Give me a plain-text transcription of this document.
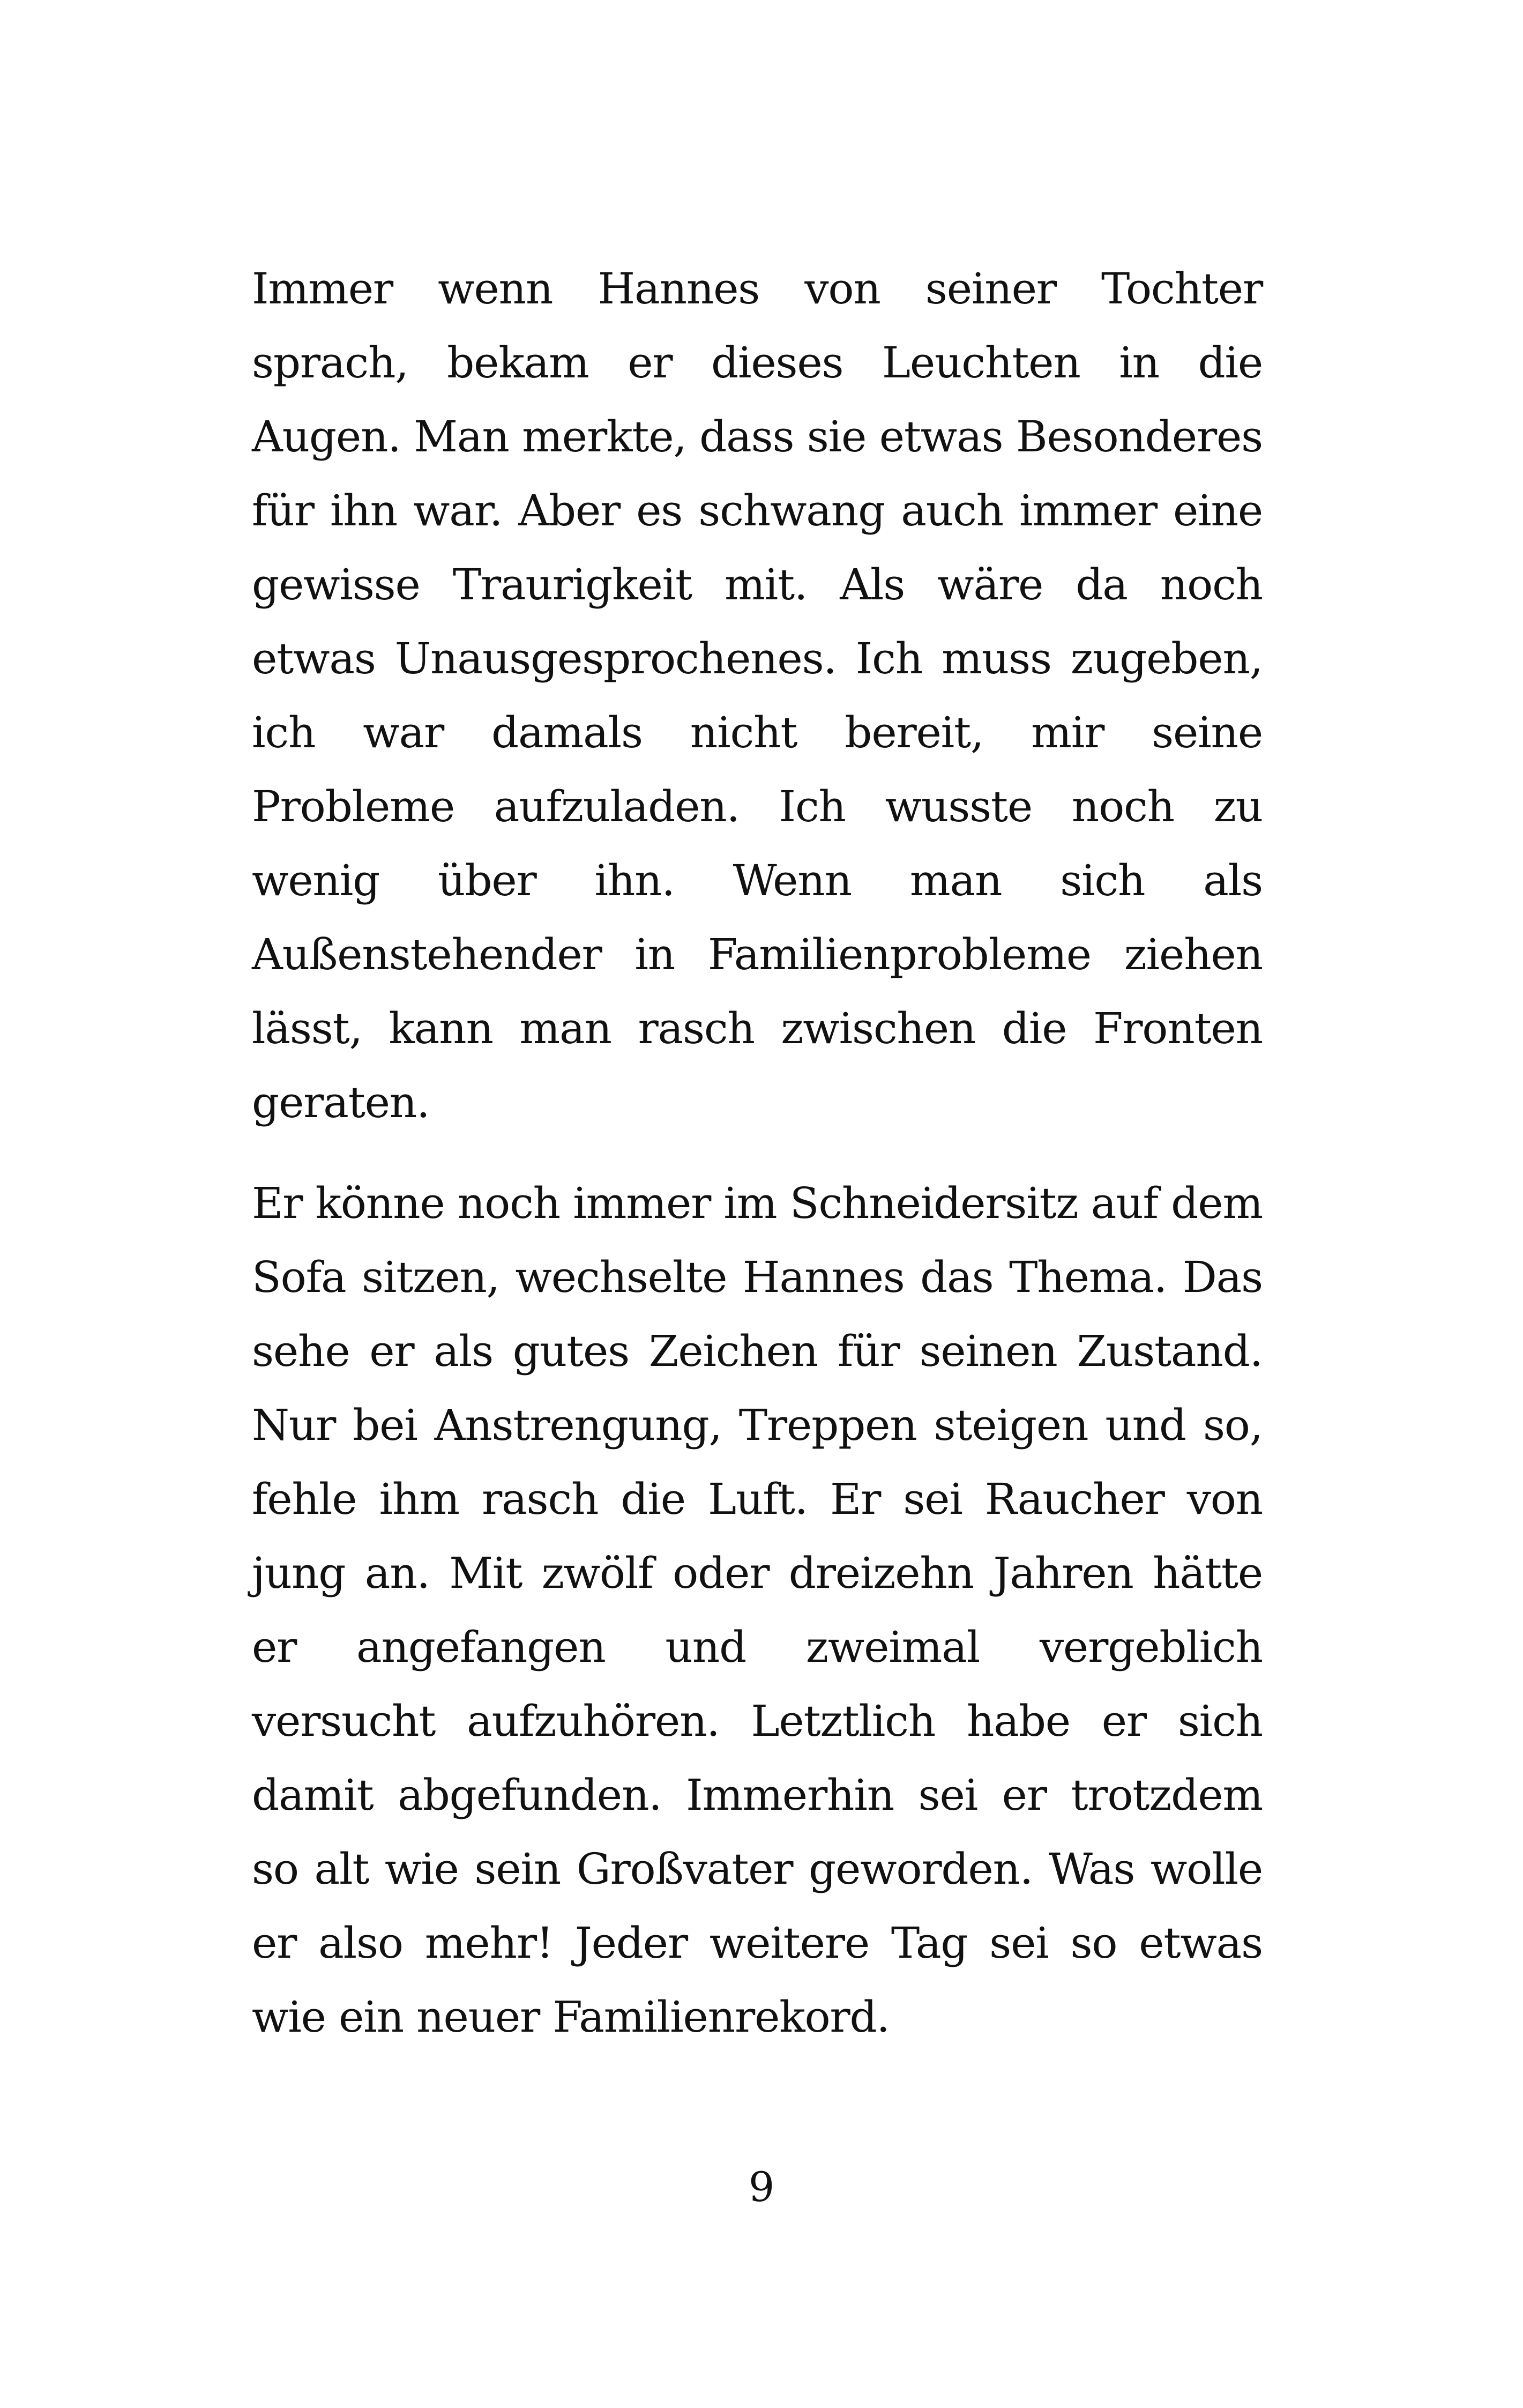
Immer wenn Hannes von seiner Tochter sprach, bekam er dieses Leuchten in die Augen. Man merkte, dass sie etwas Besonderes für ihn war. Aber es schwang auch immer eine gewisse Traurigkeit mit. Als wäre da noch etwas Unausgesprochenes. Ich muss zugeben, ich war damals nicht bereit, mir seine Probleme aufzuladen. Ich wusste noch zu wenig über ihn. Wenn man sich als Außenstehender in Familienprobleme ziehen lässt, kann man rasch zwischen die Fronten geraten.

Er könne noch immer im Schneidersitz auf dem Sofa sitzen, wechselte Hannes das Thema. Das sehe er als gutes Zeichen für seinen Zustand. Nur bei Anstrengung, Treppen steigen und so, fehle ihm rasch die Luft. Er sei Raucher von jung an. Mit zwölf oder dreizehn Jahren hätte er angefangen und zweimal vergeblich versucht aufzuhören. Letztlich habe er sich damit abgefunden. Immerhin sei er trotzdem so alt wie sein Großvater geworden. Was wolle er also mehr! Jeder weitere Tag sei so etwas wie ein neuer Familienrekord.

9
